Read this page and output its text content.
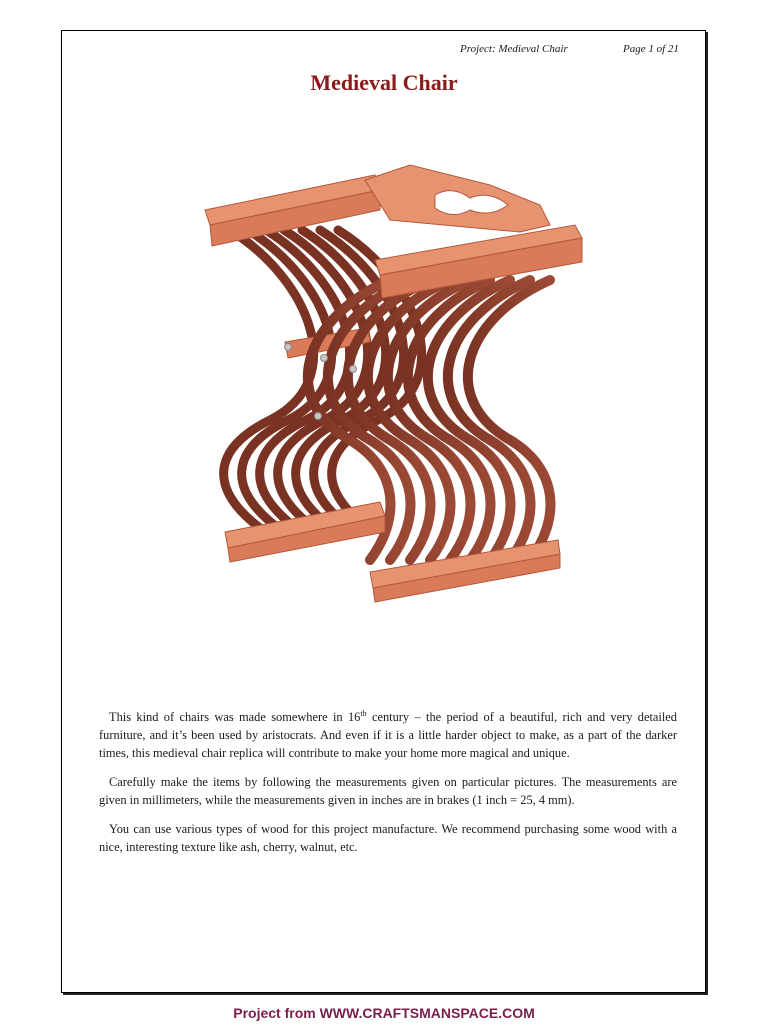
Project: Medieval Chair	Page 1 of 21
Medieval Chair

This kind of chairs was made somewhere in 16th century – the period of a beautiful, rich and very detailed furniture, and it’s been used by aristocrats. And even if it is a little harder object to make, as a part of the darker times, this medieval chair replica will contribute to make your home more magical and unique.

Carefully make the items by following the measurements given on particular pictures. The measurements are given in millimeters, while the measurements given in inches are in brakes (1 inch = 25, 4 mm).

You can use various types of wood for this project manufacture. We recommend purchasing some wood with a nice, interesting texture like ash, cherry, walnut, etc.

Project from WWW.CRAFTSMANSPACE.COM
